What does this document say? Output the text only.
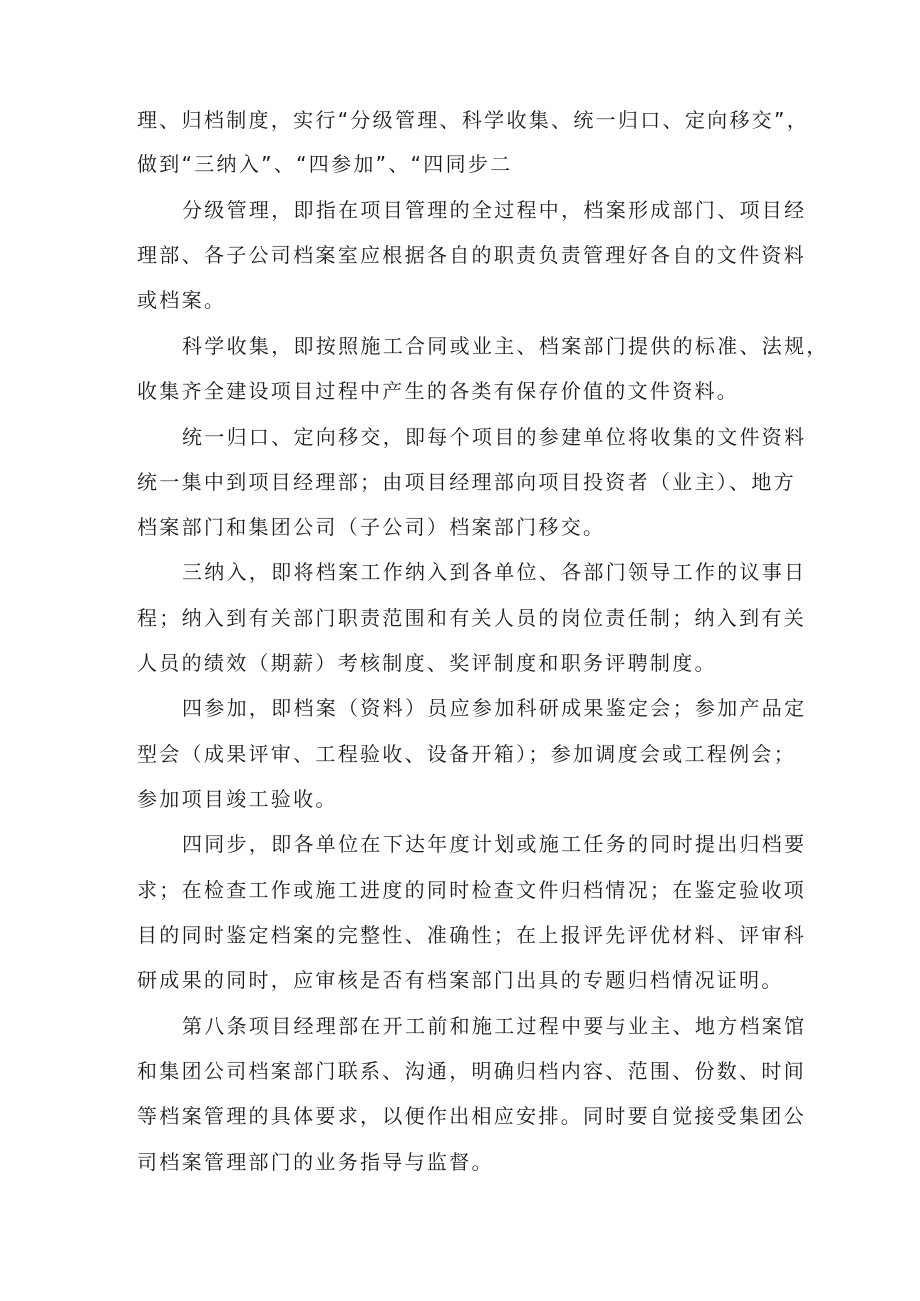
理、归档制度，实行“分级管理、科学收集、统一归口、定向移交”，
做到“三纳入”、“四参加”、“四同步二
分级管理，即指在项目管理的全过程中，档案形成部门、项目经
理部、各子公司档案室应根据各自的职责负责管理好各自的文件资料
或档案。
科学收集，即按照施工合同或业主、档案部门提供的标准、法规，
收集齐全建设项目过程中产生的各类有保存价值的文件资料。
统一归口、定向移交，即每个项目的参建单位将收集的文件资料
统一集中到项目经理部；由项目经理部向项目投资者（业主）、地方
档案部门和集团公司（子公司）档案部门移交。
三纳入，即将档案工作纳入到各单位、各部门领导工作的议事日
程；纳入到有关部门职责范围和有关人员的岗位责任制；纳入到有关
人员的绩效（期薪）考核制度、奖评制度和职务评聘制度。
四参加，即档案（资料）员应参加科研成果鉴定会；参加产品定
型会（成果评审、工程验收、设备开箱）；参加调度会或工程例会；
参加项目竣工验收。
四同步，即各单位在下达年度计划或施工任务的同时提出归档要
求；在检查工作或施工进度的同时检查文件归档情况；在鉴定验收项
目的同时鉴定档案的完整性、准确性；在上报评先评优材料、评审科
研成果的同时，应审核是否有档案部门出具的专题归档情况证明。
第八条项目经理部在开工前和施工过程中要与业主、地方档案馆
和集团公司档案部门联系、沟通，明确归档内容、范围、份数、时间
等档案管理的具体要求，以便作出相应安排。同时要自觉接受集团公
司档案管理部门的业务指导与监督。
